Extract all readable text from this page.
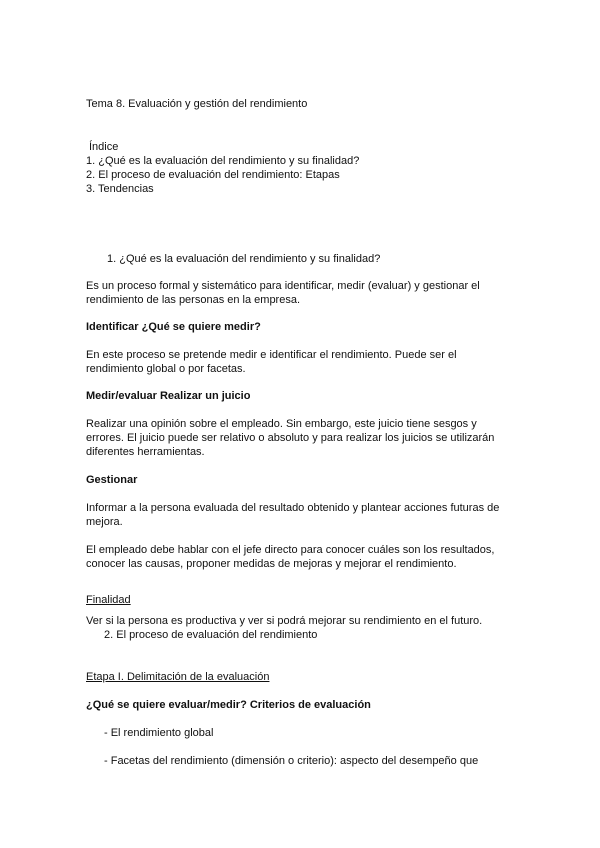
Tema 8. Evaluación y gestión del rendimiento
Índice
1. ¿Qué es la evaluación del rendimiento y su finalidad?
2. El proceso de evaluación del rendimiento: Etapas
3. Tendencias
1. ¿Qué es la evaluación del rendimiento y su finalidad?
Es un proceso formal y sistemático para identificar, medir (evaluar) y gestionar el
rendimiento de las personas en la empresa.
Identificar ¿Qué se quiere medir?
En este proceso se pretende medir e identificar el rendimiento. Puede ser el
rendimiento global o por facetas.
Medir/evaluar Realizar un juicio
Realizar una opinión sobre el empleado. Sin embargo, este juicio tiene sesgos y
errores. El juicio puede ser relativo o absoluto y para realizar los juicios se utilizarán
diferentes herramientas.
Gestionar
Informar a la persona evaluada del resultado obtenido y plantear acciones futuras de
mejora.
El empleado debe hablar con el jefe directo para conocer cuáles son los resultados,
conocer las causas, proponer medidas de mejoras y mejorar el rendimiento.
Finalidad
Ver si la persona es productiva y ver si podrá mejorar su rendimiento en el futuro.
2. El proceso de evaluación del rendimiento
Etapa I. Delimitación de la evaluación
¿Qué se quiere evaluar/medir? Criterios de evaluación
- El rendimiento global
- Facetas del rendimiento (dimensión o criterio): aspecto del desempeño que
